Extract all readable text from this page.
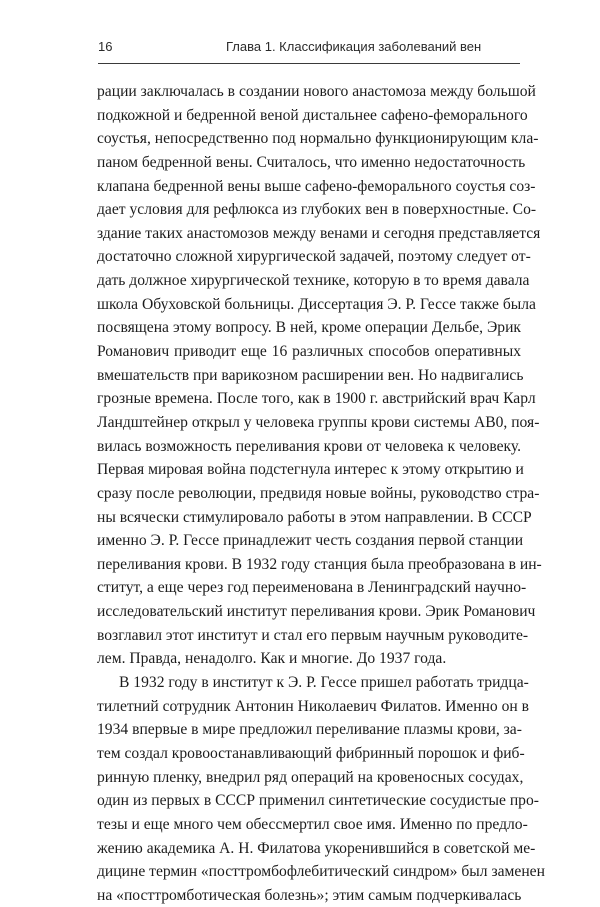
16	Глава 1. Классификация заболеваний вен
рации заключалась в создании нового анастомоза между большой
подкожной и бедренной веной дистальнее сафено-феморального
соустья, непосредственно под нормально функционирующим кла-
паном бедренной вены. Считалось, что именно недостаточность
клапана бедренной вены выше сафено-феморального соустья соз-
дает условия для рефлюкса из глубоких вен в поверхностные. Со-
здание таких анастомозов между венами и сегодня представляется
достаточно сложной хирургической задачей, поэтому следует от-
дать должное хирургической технике, которую в то время давала
школа Обуховской больницы. Диссертация Э. Р. Гессе также была
посвящена этому вопросу. В ней, кроме операции Дельбе, Эрик
Романович приводит еще 16 различных способов оперативных
вмешательств при варикозном расширении вен. Но надвигались
грозные времена. После того, как в 1900 г. австрийский врач Карл
Ландштейнер открыл у человека группы крови системы AB0, поя-
вилась возможность переливания крови от человека к человеку.
Первая мировая война подстегнула интерес к этому открытию и
сразу после революции, предвидя новые войны, руководство стра-
ны всячески стимулировало работы в этом направлении. В СССР
именно Э. Р. Гессе принадлежит честь создания первой станции
переливания крови. В 1932 году станция была преобразована в ин-
ститут, а еще через год переименована в Ленинградский научно-
исследовательский институт переливания крови. Эрик Романович
возглавил этот институт и стал его первым научным руководите-
лем. Правда, ненадолго. Как и многие. До 1937 года.
В 1932 году в институт к Э. Р. Гессе пришел работать тридца-
тилетний сотрудник Антонин Николаевич Филатов. Именно он в
1934 впервые в мире предложил переливание плазмы крови, за-
тем создал кровоостанавливающий фибринный порошок и фиб-
ринную пленку, внедрил ряд операций на кровеносных сосудах,
один из первых в СССР применил синтетические сосудистые про-
тезы и еще много чем обессмертил свое имя. Именно по предло-
жению академика А. Н. Филатова укоренившийся в советской ме-
дицине термин «посттромбофлебитический синдром» был заменен
на «посттромботическая болезнь»; этим самым подчеркивалась
